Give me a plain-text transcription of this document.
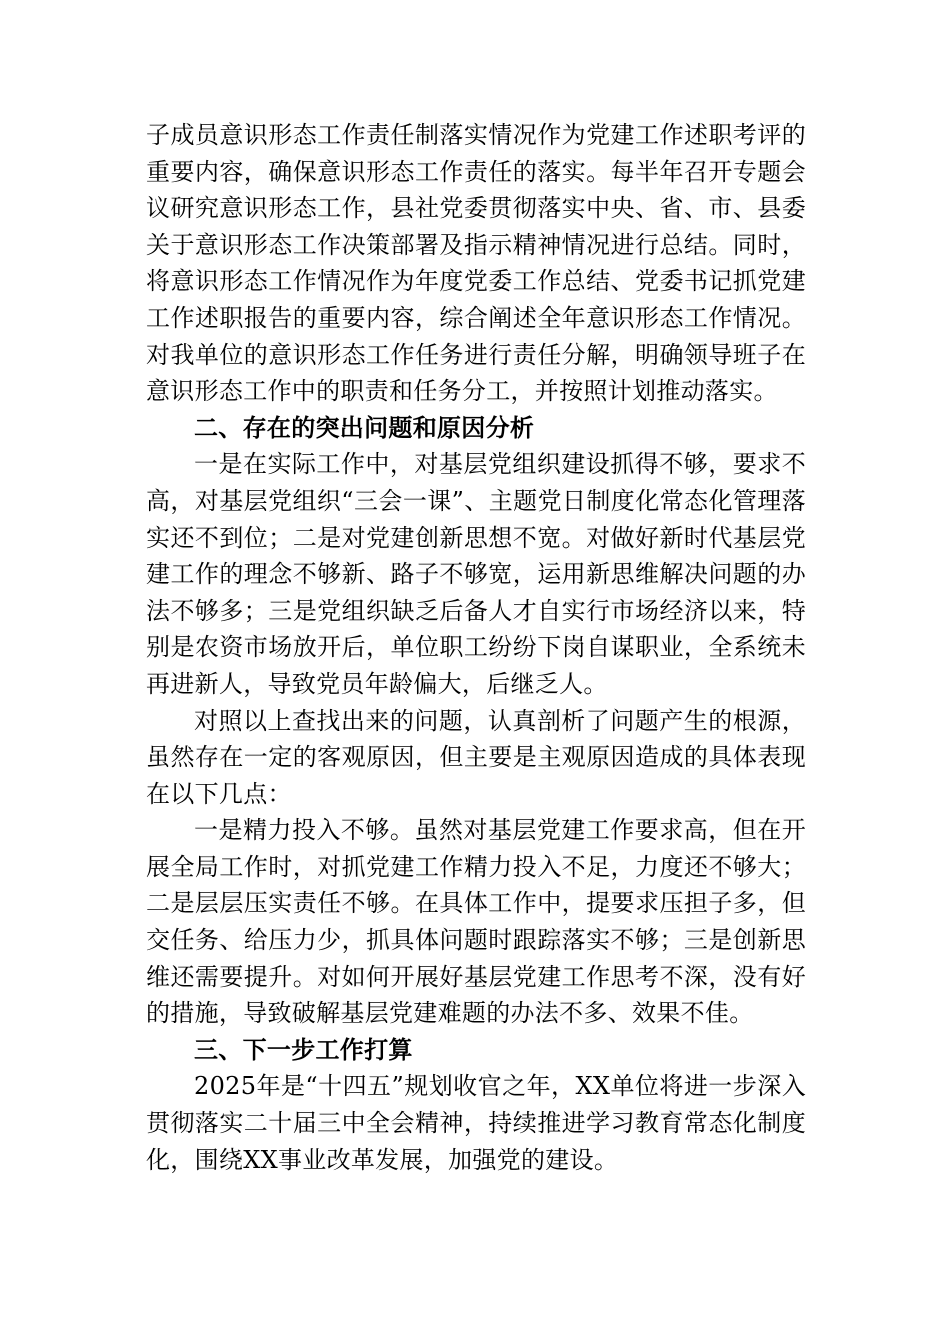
子成员意识形态工作责任制落实情况作为党建工作述职考评的重要内容，确保意识形态工作责任的落实。每半年召开专题会议研究意识形态工作，县社党委贯彻落实中央、省、市、县委关于意识形态工作决策部署及指示精神情况进行总结。同时，将意识形态工作情况作为年度党委工作总结、党委书记抓党建工作述职报告的重要内容，综合阐述全年意识形态工作情况。对我单位的意识形态工作任务进行责任分解，明确领导班子在意识形态工作中的职责和任务分工，并按照计划推动落实。

二、存在的突出问题和原因分析

一是在实际工作中，对基层党组织建设抓得不够，要求不高，对基层党组织“三会一课”、主题党日制度化常态化管理落实还不到位；二是对党建创新思想不宽。对做好新时代基层党建工作的理念不够新、路子不够宽，运用新思维解决问题的办法不够多；三是党组织缺乏后备人才自实行市场经济以来，特别是农资市场放开后，单位职工纷纷下岗自谋职业，全系统未再进新人，导致党员年龄偏大，后继乏人。

对照以上查找出来的问题，认真剖析了问题产生的根源，虽然存在一定的客观原因，但主要是主观原因造成的具体表现在以下几点：

一是精力投入不够。虽然对基层党建工作要求高，但在开展全局工作时，对抓党建工作精力投入不足，力度还不够大；二是层层压实责任不够。在具体工作中，提要求压担子多，但交任务、给压力少，抓具体问题时跟踪落实不够；三是创新思维还需要提升。对如何开展好基层党建工作思考不深，没有好的措施，导致破解基层党建难题的办法不多、效果不佳。

三、下一步工作打算

2025年是“十四五”规划收官之年，XX单位将进一步深入贯彻落实二十届三中全会精神，持续推进学习教育常态化制度化，围绕XX事业改革发展，加强党的建设。
